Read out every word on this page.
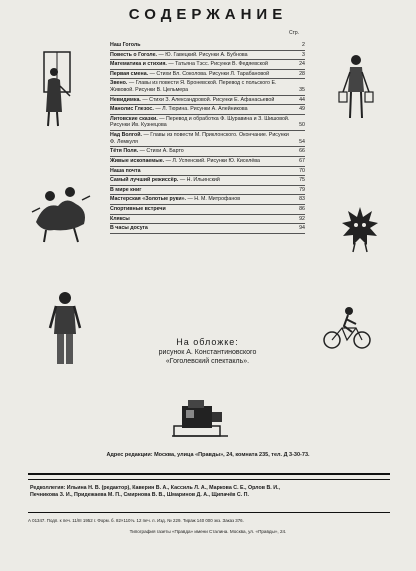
СОДЕРЖАНИЕ
Стр.
Наш Гоголь	2
Повесть о Гоголе. — Ю. Гавецкий. Рисунки А. Бубнова	3
Математика и стихия. — Татьяна Тэсс. Рисунки В. Федяевской	24
Первая смена. — Стихи Вл. Соколова. Рисунки Л. Тарабановой	28
Звено. — Главы из повести Я. Броневской. Перевод с польского Е. Живовой. Рисунки В. Цельмера	35
Невидимка. — Стихи З. Александровой. Рисунки Е. Афанасьевой	44
Манолис Глезос. — Л. Тюрина. Рисунки А. Алейникова	49
Литовские сказки. — Перевод и обработка Ф. Шуравина и З. Шишовой. Рисунки Ив. Кузнецова	50
Над Волгой. — Главы из повести М. Приклонского. Окончание. Рисунки Ф. Лемкуля	54
Тётя Поля. — Стихи А. Барто	66
Живые ископаемые. — Л. Успенский. Рисунки Ю. Киселёва	67
Наша почта	70
Самый лучший режиссёр. — Н. Ильинский	75
В мире книг	79
Мастерская «Золотые руки». — Н. М. Митрофанов	83
Спортивные встречи	86
Кляксы	92
В часы досуга	94
На обложке:
рисунок А. Константиновского
«Гоголевский спектакль».
Адрес редакции: Москва, улица «Правды», 24, комната 235, тел. Д 3-30-73.
Редколлегия: Ильина Н. В. (редактор), Каверин В. А., Кассиль Л. А., Маркова С. Е., Орлов В. И.,
Печникова З. И., Придежаева М. П., Смирнова В. В., Шмаринов Д. А., Щипачёв С. П.
А 01347. Подп. к печ. 11/III 1952 г. Форм. б. 82×110⅛. 12 печ. л. Изд. № 229. Тираж 140 000 экз. Заказ 376.
Типография газеты «Правда» имени Сталина. Москва, ул. «Правды», 24.
